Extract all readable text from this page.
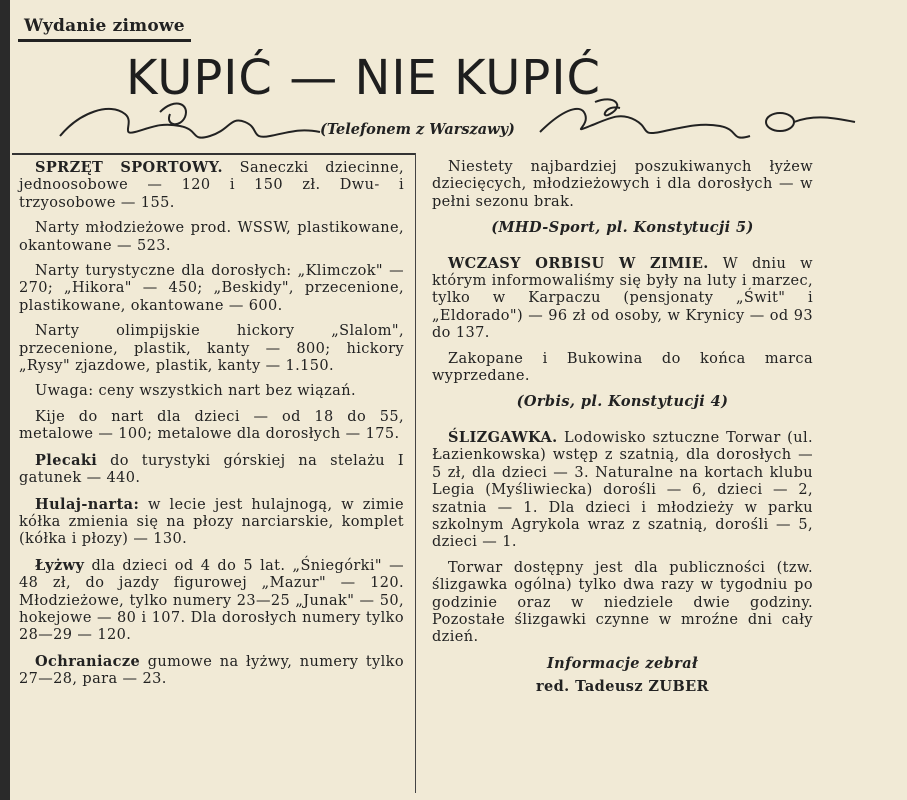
Wydanie zimowe
KUPIĆ — NIE KUPIĆ
(Telefonem z Warszawy)

SPRZĘT SPORTOWY. Saneczki dziecinne, jednoosobowe — 120 i 150 zł. Dwu- i trzyosobowe — 155.

Narty młodzieżowe prod. WSSW, plastikowane, okantowane — 523.

Narty turystyczne dla dorosłych: „Klimczok" — 270; „Hikora" — 450; „Beskidy", przecenione, plastikowane, okantowane — 600.

Narty olimpijskie hickory „Slalom", przecenione, plastik, kanty — 800; hickory „Rysy" zjazdowe, plastik, kanty — 1.150.

Uwaga: ceny wszystkich nart bez wiązań.

Kije do nart dla dzieci — od 18 do 55, metalowe — 100; metalowe dla dorosłych — 175.

Plecaki do turystyki górskiej na stelażu I gatunek — 440.

Hulaj-narta: w lecie jest hulajnogą, w zimie kółka zmienia się na płozy narciarskie, komplet (kółka i płozy) — 130.

Łyżwy dla dzieci od 4 do 5 lat. „Śniegórki" — 48 zł, do jazdy figurowej „Mazur" — 120. Młodzieżowe, tylko numery 23—25 „Junak" — 50, hokejowe — 80 i 107. Dla dorosłych numery tylko 28—29 — 120.

Ochraniacze gumowe na łyżwy, numery tylko 27—28, para — 23.

Niestety najbardziej poszukiwanych łyżew dziecięcych, młodzieżowych i dla dorosłych — w pełni sezonu brak.

(MHD-Sport, pl. Konstytucji 5)

WCZASY ORBISU W ZIMIE. W dniu w którym informowaliśmy się były na luty i marzec, tylko w Karpaczu (pensjonaty „Świt" i „Eldorado") — 96 zł od osoby, w Krynicy — od 93 do 137.

Zakopane i Bukowina do końca marca wyprzedane.

(Orbis, pl. Konstytucji 4)

ŚLIZGAWKA. Lodowisko sztuczne Torwar (ul. Łazienkowska) wstęp z szatnią, dla dorosłych — 5 zł, dla dzieci — 3. Naturalne na kortach klubu Legia (Myśliwiecka) dorośli — 6, dzieci — 2, szatnia — 1. Dla dzieci i młodzieży w parku szkolnym Agrykola wraz z szatnią, dorośli — 5, dzieci — 1.

Torwar dostępny jest dla publiczności (tzw. ślizgawka ogólna) tylko dwa razy w tygodniu po godzinie oraz w niedziele dwie godziny. Pozostałe ślizgawki czynne w mroźne dni cały dzień.

Informacje zebrał

red. Tadeusz ZUBER
